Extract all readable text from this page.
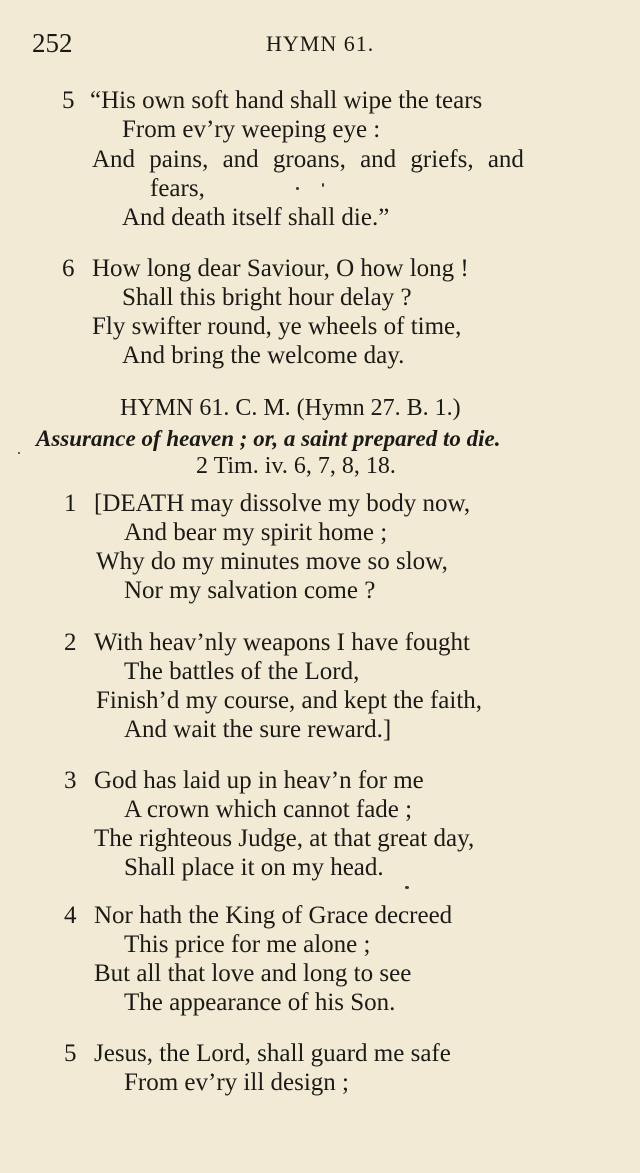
252	HYMN 61.
5 “His own soft hand shall wipe the tears
From ev’ry weeping eye :
And pains, and groans, and griefs, and
fears,
And death itself shall die.”
6 How long dear Saviour, O how long !
Shall this bright hour delay ?
Fly swifter round, ye wheels of time,
And bring the welcome day.
HYMN 61. C. M. (Hymn 27. B. 1.)
Assurance of heaven ; or, a saint prepared to die.
2 Tim. iv. 6, 7, 8, 18.
1 [DEATH may dissolve my body now,
And bear my spirit home ;
Why do my minutes move so slow,
Nor my salvation come ?
2 With heav’nly weapons I have fought
The battles of the Lord,
Finish’d my course, and kept the faith,
And wait the sure reward.]
3 God has laid up in heav’n for me
A crown which cannot fade ;
The righteous Judge, at that great day,
Shall place it on my head.
4 Nor hath the King of Grace decreed
This price for me alone ;
But all that love and long to see
The appearance of his Son.
5 Jesus, the Lord, shall guard me safe
From ev’ry ill design ;
